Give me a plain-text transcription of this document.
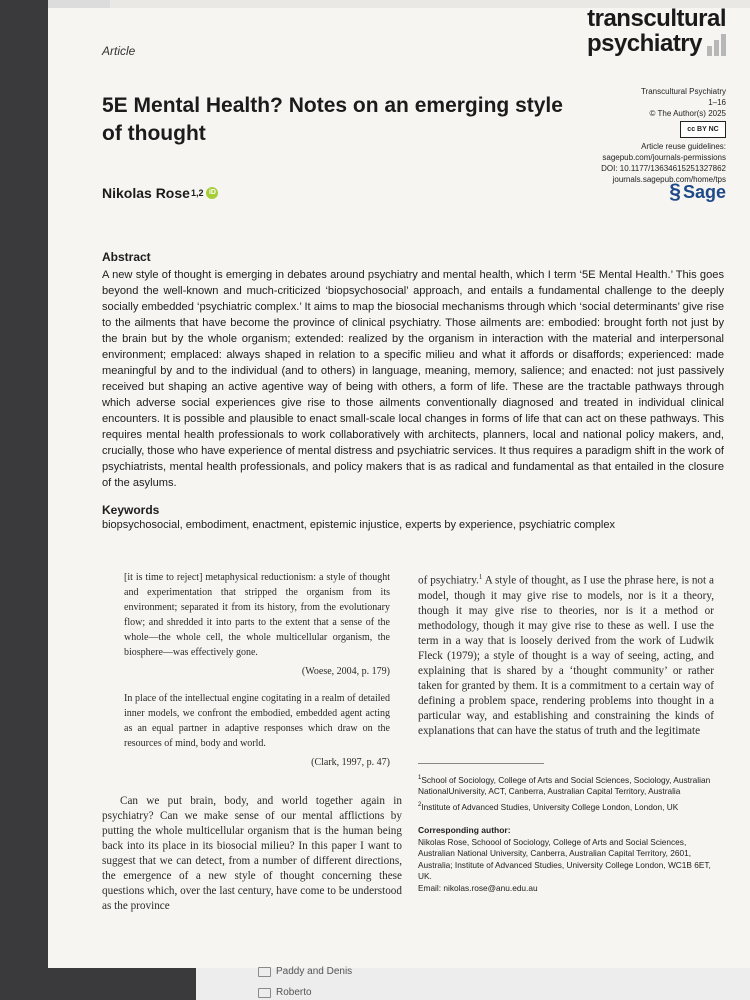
Article
transcultural
psychiatry
Transcultural Psychiatry
1–16
© The Author(s) 2025
cc BY NC
Article reuse guidelines:
sagepub.com/journals-permissions
DOI: 10.1177/13634615251327862
journals.sagepub.com/home/tps
§ Sage
5E Mental Health? Notes on an emerging style of thought
Nikolas Rose 1,2 iD
Abstract
A new style of thought is emerging in debates around psychiatry and mental health, which I term ‘5E Mental Health.’ This goes beyond the well-known and much-criticized ‘biopsychosocial’ approach, and entails a fundamental challenge to the deeply socially embedded ‘psychiatric complex.’ It aims to map the biosocial mechanisms through which ‘social determinants’ give rise to the ailments that have become the province of clinical psychiatry. Those ailments are: embodied: brought forth not just by the brain but by the whole organism; extended: realized by the organism in interaction with the material and interpersonal environment; emplaced: always shaped in relation to a specific milieu and what it affords or disaffords; experienced: made meaningful by and to the individual (and to others) in language, meaning, memory, salience; and enacted: not just passively received but shaping an active agentive way of being with others, a form of life. These are the tractable pathways through which adverse social experiences give rise to those ailments conventionally diagnosed and treated in individual clinical encounters. It is possible and plausible to enact small-scale local changes in forms of life that can act on these pathways. This requires mental health professionals to work collaboratively with architects, planners, local and national policy makers, and, crucially, those who have experience of mental distress and psychiatric services. It thus requires a paradigm shift in the work of psychiatrists, mental health professionals, and policy makers that is as radical and fundamental as that entailed in the closure of the asylums.
Keywords
biopsychosocial, embodiment, enactment, epistemic injustice, experts by experience, psychiatric complex
[it is time to reject] metaphysical reductionism: a style of thought and experimentation that stripped the organism from its environment; separated it from its history, from the evolutionary flow; and shredded it into parts to the extent that a sense of the whole—the whole cell, the whole multicellular organism, the biosphere—was effectively gone.
(Woese, 2004, p. 179)
In place of the intellectual engine cogitating in a realm of detailed inner models, we confront the embodied, embedded agent acting as an equal partner in adaptive responses which draw on the resources of mind, body and world.
(Clark, 1997, p. 47)

Can we put brain, body, and world together again in psychiatry? Can we make sense of our mental afflictions by putting the whole multicellular organism that is the human being back into its place in its biosocial milieu? In this paper I want to suggest that we can detect, from a number of different directions, the emergence of a new style of thought concerning these questions which, over the last century, have come to be understood as the province

of psychiatry.$^1$ A style of thought, as I use the phrase here, is not a model, though it may give rise to models, nor is it a theory, though it may give rise to theories, nor is it a method or methodology, though it may give rise to these as well. I use the term in a way that is loosely derived from the work of Ludwik Fleck (1979); a style of thought is a way of seeing, acting, and explaining that is shared by a ‘thought community’ or rather taken for granted by them. It is a commitment to a certain way of defining a problem space, rendering problems into thought in a particular way, and establishing and constraining the kinds of explanations that can have the status of truth and the legitimate
$^1$School of Sociology, College of Arts and Social Sciences, Sociology, Australian NationalUniversity, ACT, Canberra, Australian Capital Territory, Australia
$^2$Institute of Advanced Studies, University College London, London, UK
Corresponding author:
Nikolas Rose, Schoool of Sociology, College of Arts and Social Sciences, Australian National University, Canberra, Australian Capital Territory, 2601, Australia; Institute of Advanced Studies, University College London, WC1B 6ET, UK.
Email: nikolas.rose@anu.edu.au
Paddy and Denis
Roberto
